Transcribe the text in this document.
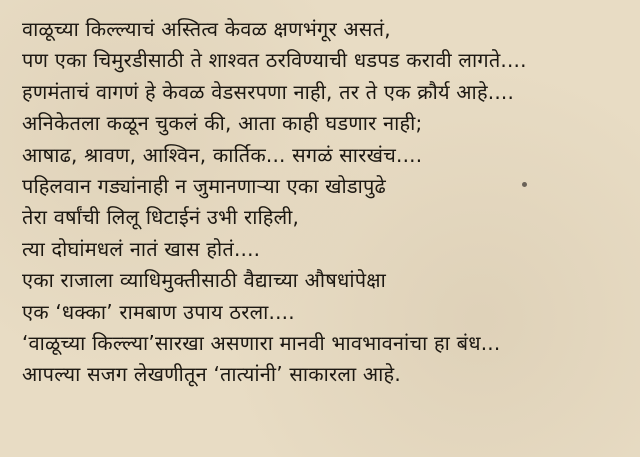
वाळूच्या किल्ल्याचं अस्तित्व केवळ क्षणभंगूर असतं,

पण एका चिमुरडीसाठी ते शाश्वत ठरविण्याची धडपड करावी लागते....

हणमंताचं वागणं हे केवळ वेडसरपणा नाही, तर ते एक क्रौर्य आहे....

अनिकेतला कळून चुकलं की, आता काही घडणार नाही;

आषाढ, श्रावण, आश्विन, कार्तिक... सगळं सारखंच....

पहिलवान गड्यांनाही न जुमानणाऱ्या एका खोडापुढे

तेरा वर्षांची लिलू धिटाईनं उभी राहिली,

त्या दोघांमधलं नातं खास होतं....

एका राजाला व्याधिमुक्तीसाठी वैद्याच्या औषधांपेक्षा

एक ‘धक्का’ रामबाण उपाय ठरला....

‘वाळूच्या किल्ल्या’सारखा असणारा मानवी भावभावनांचा हा बंध...

आपल्या सजग लेखणीतून ‘तात्यांनी’ साकारला आहे.
